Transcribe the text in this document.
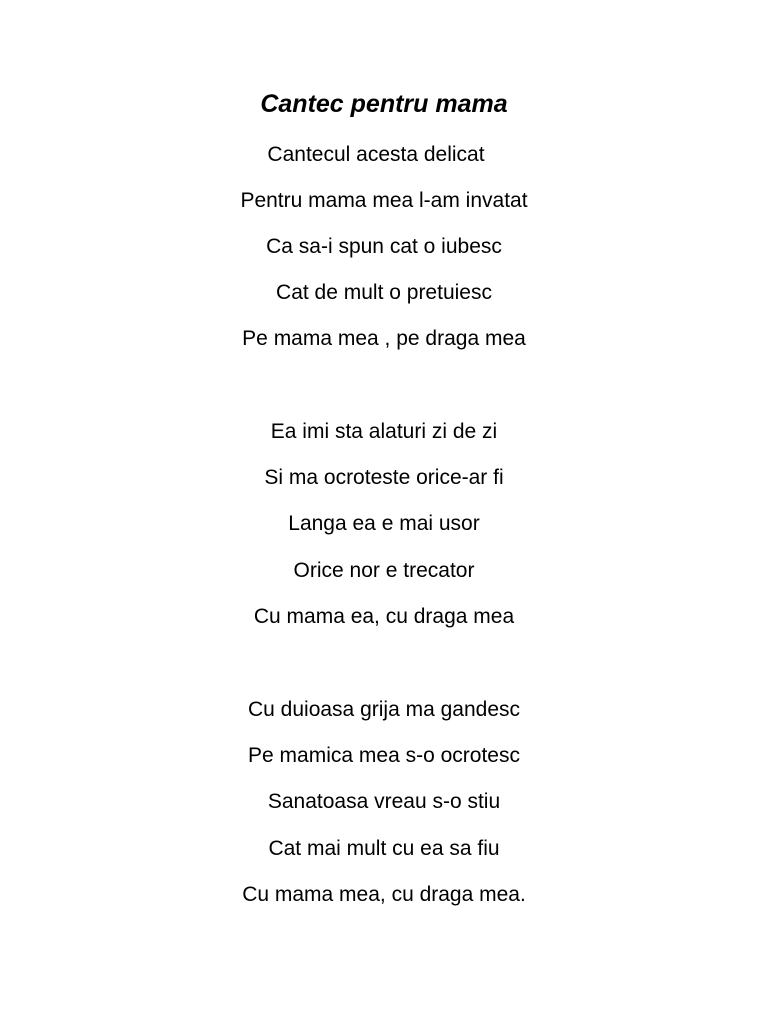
Cantec pentru mama
Cantecul acesta delicat
Pentru mama mea l-am invatat
Ca sa-i spun cat o iubesc
Cat de mult o pretuiesc
Pe mama mea , pe draga mea
Ea imi sta alaturi zi de zi
Si ma ocroteste orice-ar fi
Langa ea e mai usor
Orice nor e trecator
Cu mama ea, cu draga mea
Cu duioasa grija ma gandesc
Pe mamica mea s-o ocrotesc
Sanatoasa vreau s-o stiu
Cat mai mult cu ea sa fiu
Cu mama mea, cu draga mea.
